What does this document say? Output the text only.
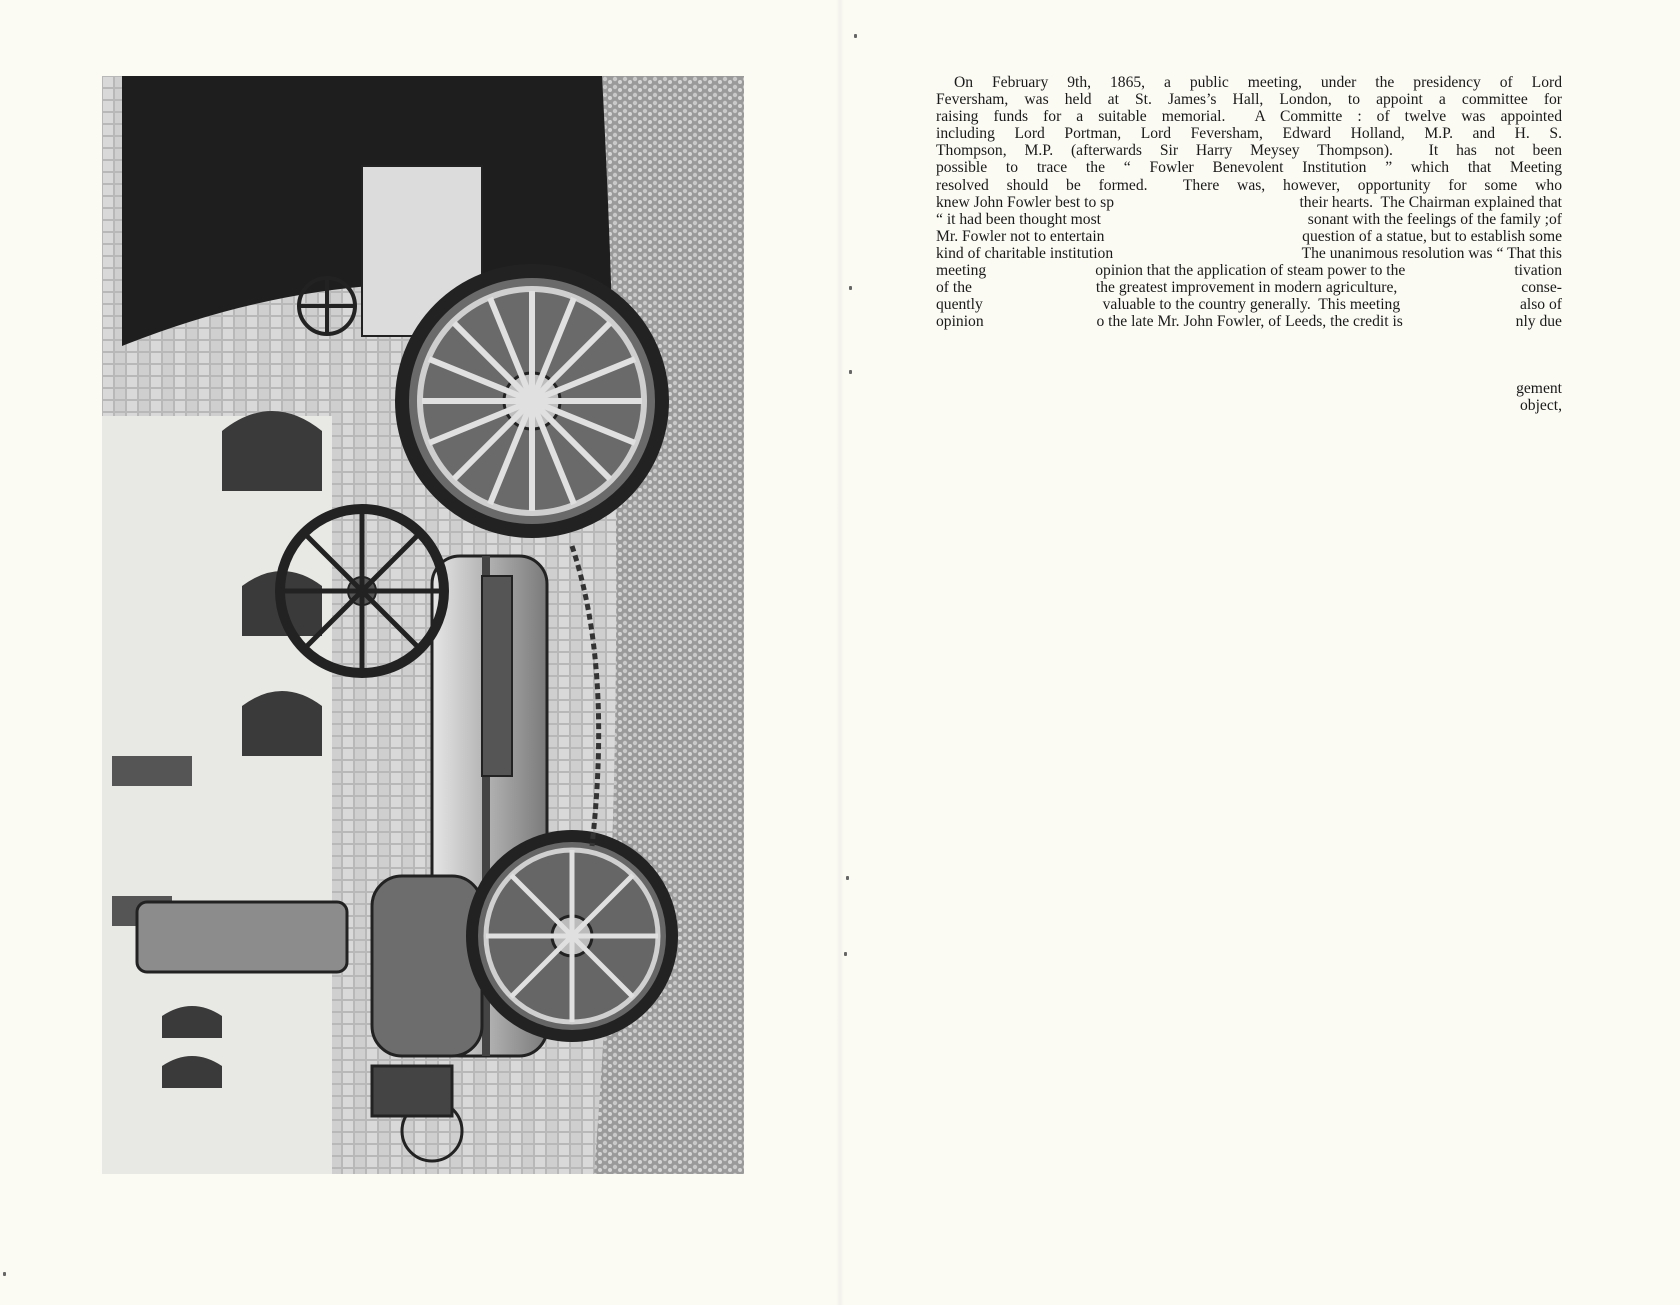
On February 9th, 1865, a public meeting, under the presidency of Lord
Feversham, was held at St. James’s Hall, London, to appoint a committee for
raising funds for a suitable memorial.  A Committe : of twelve was appointed
including Lord Portman, Lord Feversham, Edward Holland, M.P. and H. S.
Thompson, M.P. (afterwards Sir Harry Meysey Thompson).  It has not been
possible to trace the “ Fowler Benevolent Institution ” which that Meeting
resolved should be formed.  There was, however, opportunity for some who
knew John Fowler best to sp	their hearts.  The Chairman explained that
“ it had been thought most	sonant with the feelings of the family ;of
Mr. Fowler not to entertain	question of a statue, but to establish some
kind of charitable institution	The unanimous resolution was “ That this
meeting	opinion that the application of steam power to the	tivation
of the	the greatest improvement in modern agriculture,	conse-
quently	valuable to the country generally.  This meeting	also of
opinion	o the late Mr. John Fowler, of Leeds, the credit is	nly due
gement
object,
